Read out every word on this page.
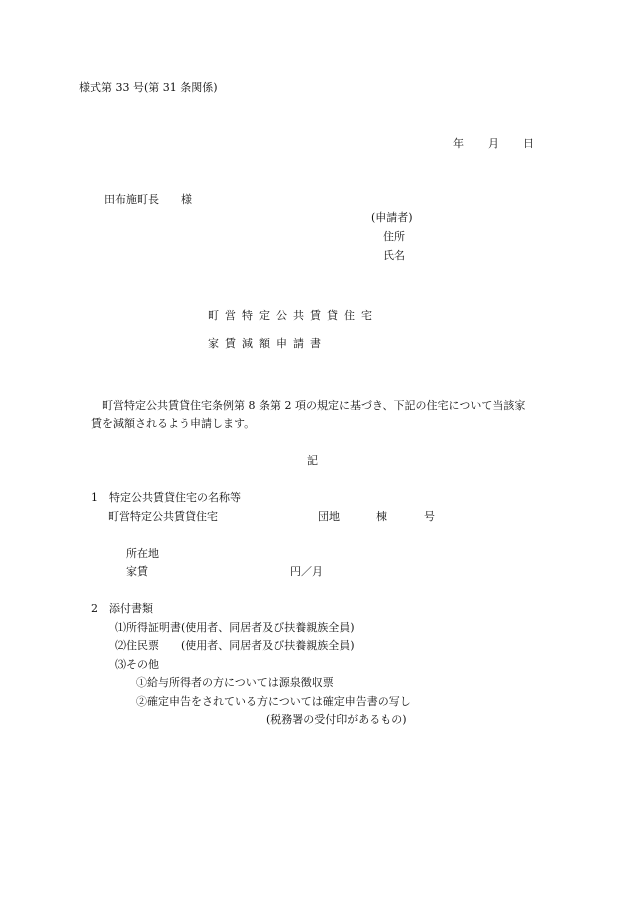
様式第 33 号(第 31 条関係)
年 月 日
田布施町長　　様
(申請者)
住所
氏名
町営特定公共賃貸住宅
家賃減額申請書
町営特定公共賃貸住宅条例第 8 条第 2 項の規定に基づき、下記の住宅について当該家
賃を減額されるよう申請します。
記
1　特定公共賃貸住宅の名称等
町営特定公共賃貸住宅	団地	棟	号
所在地
家賃	円／月
2　添付書類
⑴所得証明書(使用者、同居者及び扶養親族全員)
⑵住民票　　(使用者、同居者及び扶養親族全員)
⑶その他
①給与所得者の方については源泉徴収票
②確定申告をされている方については確定申告書の写し
(税務署の受付印があるもの)
